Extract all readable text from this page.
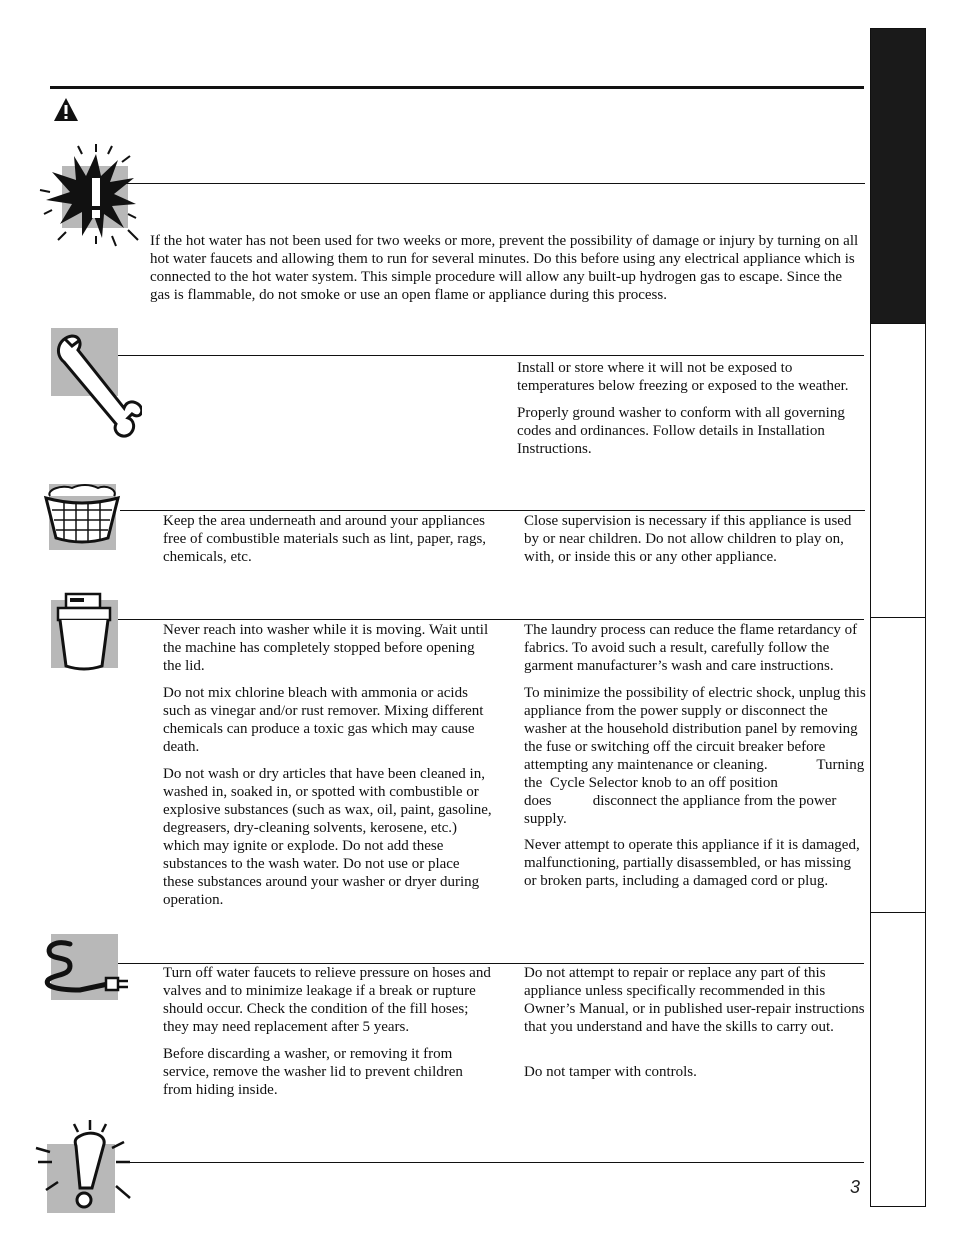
If the hot water has not been used for two weeks or more, prevent the possibility of damage or injury by turning on all hot water faucets and allowing them to run for several minutes. Do this before using any electrical appliance which is connected to the hot water system. This simple procedure will allow any built-up hydrogen gas to escape. Since the gas is flammable, do not smoke or use an open flame or appliance during this process.

Install or store where it will not be exposed to temperatures below freezing or exposed to the weather.

Properly ground washer to conform with all governing codes and ordinances. Follow details in Installation Instructions.

Keep the area underneath and around your appliances free of combustible materials such as lint, paper, rags, chemicals, etc.

Close supervision is necessary if this appliance is used by or near children. Do not allow children to play on, with, or inside this or any other appliance.

Never reach into washer while it is moving. Wait until the machine has completely stopped before opening the lid.

Do not mix chlorine bleach with ammonia or acids such as vinegar and/or rust remover. Mixing different chemicals can produce a toxic gas which may cause death.

Do not wash or dry articles that have been cleaned in, washed in, soaked in, or spotted with combustible or explosive substances (such as wax, oil, paint, gasoline, degreasers, dry-cleaning solvents, kerosene, etc.) which may ignite or explode. Do not add these substances to the wash water. Do not use or place these substances around your washer or dryer during operation.

The laundry process can reduce the flame retardancy of fabrics. To avoid such a result, carefully follow the garment manufacturer’s wash and care instructions.

To minimize the possibility of electric shock, unplug this appliance from the power supply or disconnect the washer at the household distribution panel by removing the fuse or switching off the circuit breaker before attempting any maintenance or cleaning.	Turning the Cycle Selector knob to an off position does	disconnect the appliance from the power supply.

Never attempt to operate this appliance if it is damaged, malfunctioning, partially disassembled, or has missing or broken parts, including a damaged cord or plug.

Turn off water faucets to relieve pressure on hoses and valves and to minimize leakage if a break or rupture should occur. Check the condition of the fill hoses; they may need replacement after 5 years.

Before discarding a washer, or removing it from service, remove the washer lid to prevent children from hiding inside.

Do not attempt to repair or replace any part of this appliance unless specifically recommended in this Owner’s Manual, or in published user-repair instructions that you understand and have the skills to carry out.

Do not tamper with controls.

3
